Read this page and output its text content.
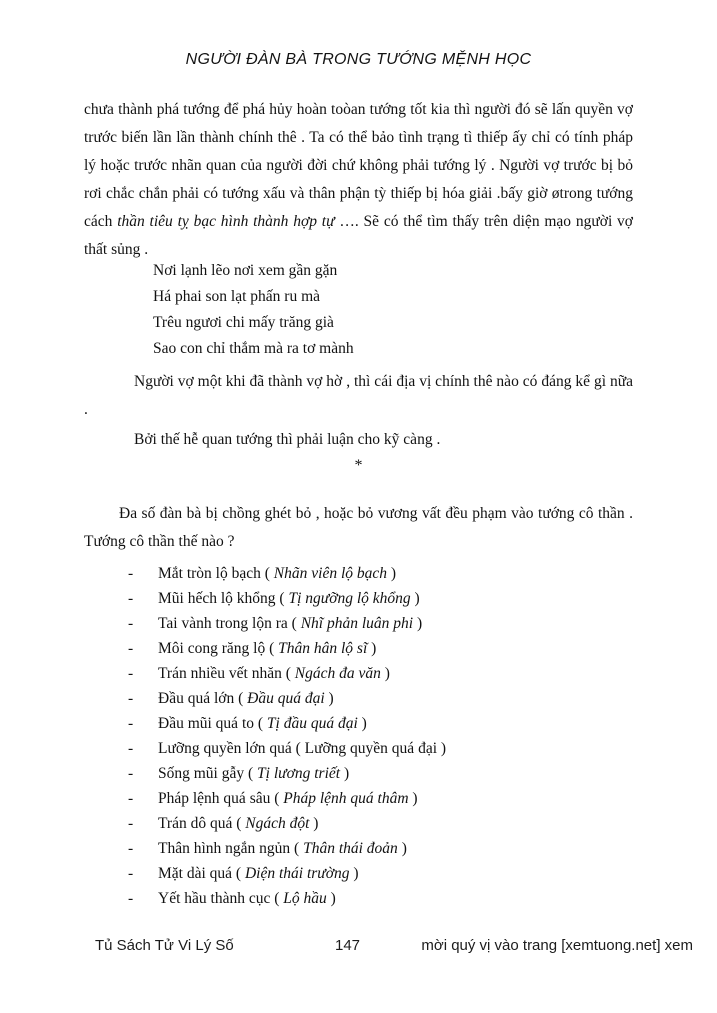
NGƯỜI ĐÀN BÀ TRONG TƯỚNG MỆNH HỌC

chưa thành phá tướng để phá hủy hoàn toòan tướng tốt kia thì người đó sẽ lấn quyền vợ trước biến lần lần thành chính thê . Ta có thể bảo tình trạng tì thiếp ấy chỉ có tính pháp lý hoặc trước nhãn quan của người đời chứ không phải tướng lý . Người vợ trước bị bỏ rơi chắc chắn phải có tướng xấu và thân phận tỳ thiếp bị hóa giải .bấy giờ øtrong tướng cách thần tiêu tỵ bạc hình thành hợp tự …. Sẽ có thể tìm thấy trên diện mạo người vợ thất sủng .

Nơi lạnh lẽo nơi xem gần gặn
Há phai son lạt phấn ru mà
Trêu ngươi chi mấy trăng già
Sao con chỉ thắm mà ra tơ mành

Người vợ một khi đã thành vợ hờ , thì cái địa vị chính thê nào có đáng kể gì nữa .

Bởi thế hễ quan tướng thì phải luận cho kỹ càng .

*

Đa số đàn bà bị chồng ghét bỏ , hoặc bỏ vương vất đều phạm vào tướng cô thần . Tướng cô thần thế nào ?

-	Mắt tròn lộ bạch ( Nhãn viên lộ bạch )
-	Mũi hếch lộ khổng ( Tị ngưỡng lộ khổng )
-	Tai vành trong lộn ra ( Nhĩ phản luân phi )
-	Môi cong răng lộ ( Thân hân lộ sĩ )
-	Trán nhiều vết nhăn ( Ngách đa văn )
-	Đầu quá lớn ( Đầu quá đại )
-	Đầu mũi quá to ( Tị đầu quá đại )
-	Lưỡng quyền lớn quá ( Lưỡng quyền quá đại )
-	Sống mũi gẫy ( Tị lương triết )
-	Pháp lệnh quá sâu ( Pháp lệnh quá thâm )
-	Trán dô quá ( Ngách đột )
-	Thân hình ngắn ngủn ( Thân thái đoản )
-	Mặt dài quá ( Diện thái trường )
-	Yết hầu thành cục ( Lộ hầu )
Tủ Sách Tử Vi Lý Số	147	mời quý vị vào trang [xemtuong.net] xem
